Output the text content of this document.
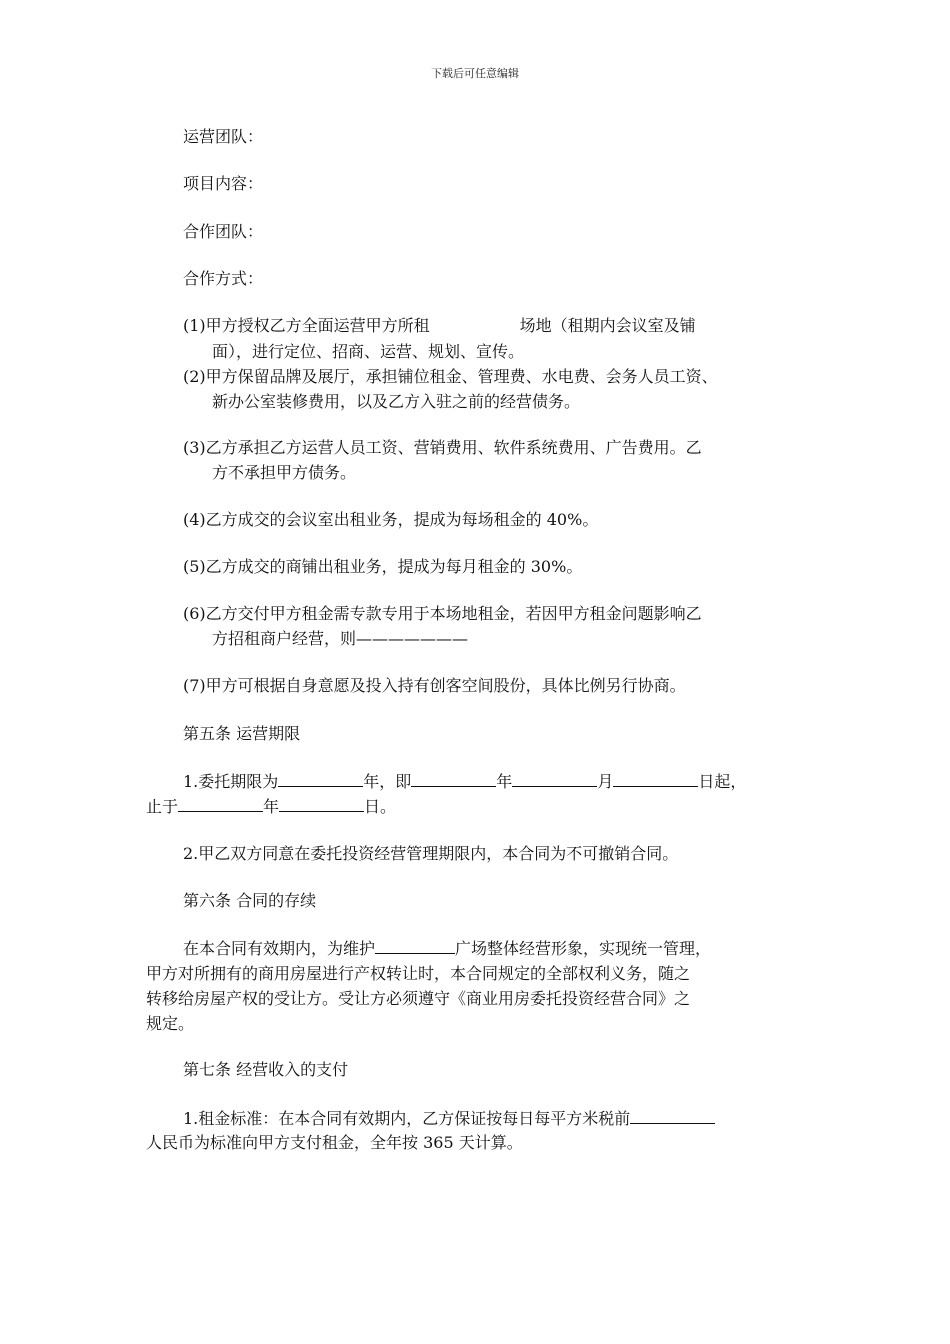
下载后可任意编辑
运营团队：
项目内容：
合作团队：
合作方式：
(1)甲方授权乙方全面运营甲方所租	场地（租期内会议室及铺
面），进行定位、招商、运营、规划、宣传。
(2)甲方保留品牌及展厅，承担铺位租金、管理费、水电费、会务人员工资、
新办公室装修费用，以及乙方入驻之前的经营债务。
(3)乙方承担乙方运营人员工资、营销费用、软件系统费用、广告费用。乙
方不承担甲方债务。
(4)乙方成交的会议室出租业务，提成为每场租金的 40%。
(5)乙方成交的商铺出租业务，提成为每月租金的 30%。
(6)乙方交付甲方租金需专款专用于本场地租金，若因甲方租金问题影响乙
方招租商户经营，则———————
(7)甲方可根据自身意愿及投入持有创客空间股份，具体比例另行协商。
第五条 运营期限
1.委托期限为	年，即	年	月	日起，
止于	年	日。
2.甲乙双方同意在委托投资经营管理期限内，本合同为不可撤销合同。
第六条 合同的存续
在本合同有效期内，为维护	广场整体经营形象，实现统一管理，
甲方对所拥有的商用房屋进行产权转让时，本合同规定的全部权利义务，随之
转移给房屋产权的受让方。受让方必须遵守《商业用房委托投资经营合同》之
规定。
第七条 经营收入的支付
1.租金标准：在本合同有效期内，乙方保证按每日每平方米税前
人民币为标准向甲方支付租金，全年按 365 天计算。
